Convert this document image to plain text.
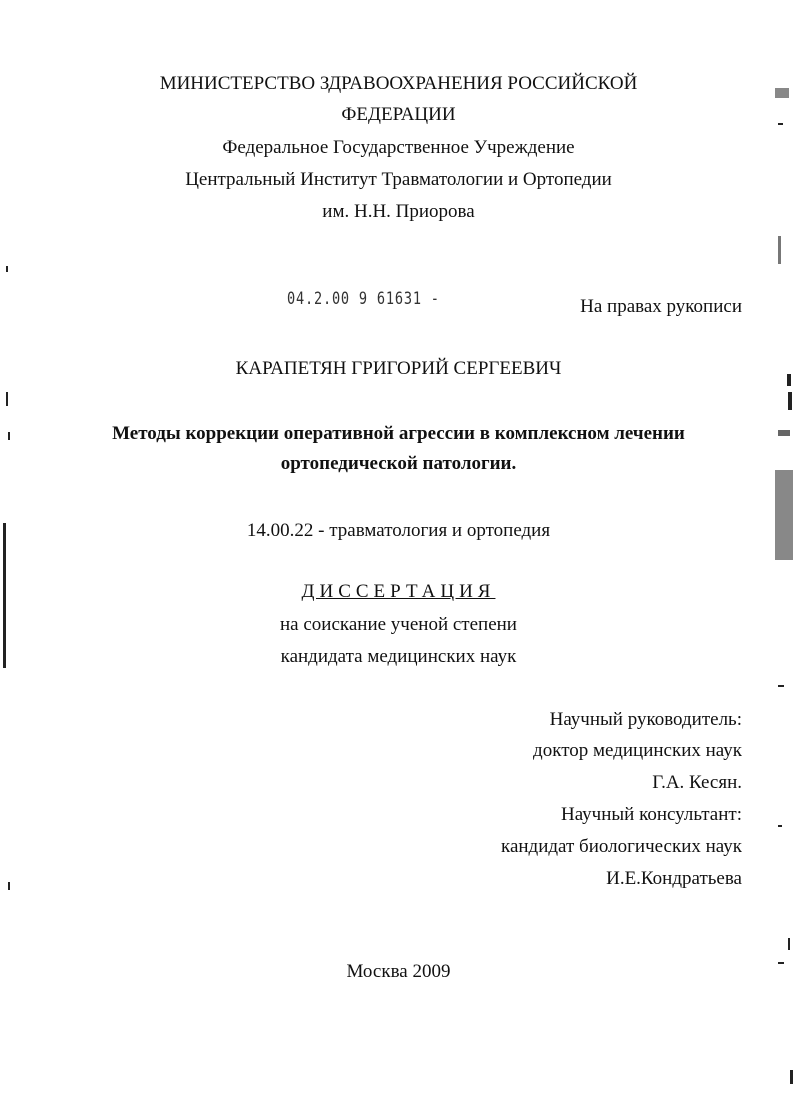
МИНИСТЕРСТВО ЗДРАВООХРАНЕНИЯ РОССИЙСКОЙ
ФЕДЕРАЦИИ
Федеральное Государственное Учреждение
Центральный Институт Травматологии и Ортопедии
им. Н.Н. Приорова
04.2.00 9 61631 -	На правах рукописи
КАРАПЕТЯН ГРИГОРИЙ СЕРГЕЕВИЧ
Методы коррекции оперативной агрессии в комплексном лечении
ортопедической патологии.
14.00.22 - травматология и ортопедия
ДИССЕРТАЦИЯ
на соискание ученой степени
кандидата медицинских наук
Научный руководитель:
доктор медицинских наук
Г.А. Кесян.
Научный консультант:
кандидат биологических наук
И.Е.Кондратьева
Москва 2009
